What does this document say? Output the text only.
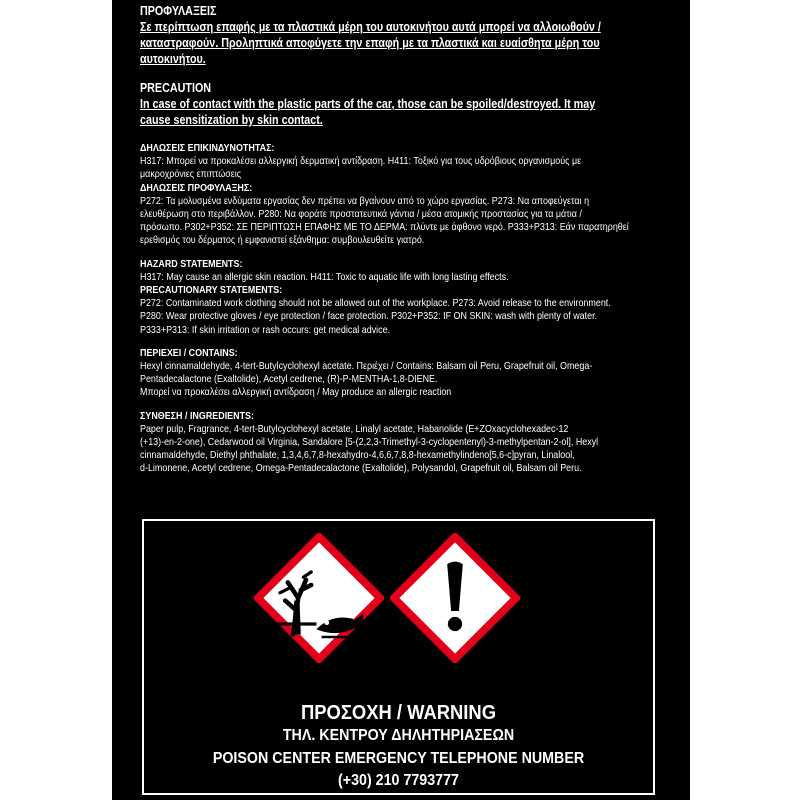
ΠΡΟΦΥΛΑΞΕΙΣ

Σε περίπτωση επαφής με τα πλαστικά μέρη του αυτοκινήτου αυτά μπορεί να αλλοιωθούν /

καταστραφούν. Προληπτικά αποφύγετε την επαφή με τα πλαστικά και ευαίσθητα μέρη του

αυτοκινήτου.

PRECAUTION

In case of contact with the plastic parts of the car, those can be spoiled/destroyed. It may

cause sensitization by skin contact.

ΔΗΛΩΣΕΙΣ ΕΠΙΚΙΝΔΥΝΟΤΗΤΑΣ:

H317: Μπορεί να προκαλέσει αλλεργική δερματική αντίδραση. H411: Τοξικό για τους υδρόβιους οργανισμούς με

μακροχρόνιες επιπτώσεις

ΔΗΛΩΣΕΙΣ ΠΡΟΦΥΛΑΞΗΣ:

P272: Τα μολυσμένα ενδύματα εργασίας δεν πρέπει να βγαίνουν από το χώρο εργασίας. P273: Να αποφεύγεται η

ελευθέρωση στο περιβάλλον. P280: Να φοράτε προστατευτικά γάντια / μέσα ατομικής προστασίας για τα μάτια /

πρόσωπο. P302+P352: ΣΕ ΠΕΡΙΠΤΩΣΗ ΕΠΑΦΗΣ ΜΕ ΤΟ ΔΕΡΜΑ: πλύντε με άφθονο νερό. P333+P313: Εάν παρατηρηθεί

ερεθισμός του δέρματος ή εμφανιστεί εξάνθημα: συμβουλευθείτε γιατρό.

HAZARD STATEMENTS:

H317: May cause an allergic skin reaction. H411: Toxic to aquatic life with long lasting effects.

PRECAUTIONARY STATEMENTS:

P272: Contaminated work clothing should not be allowed out of the workplace. P273: Avoid release to the environment.

P280: Wear protective gloves / eye protection / face protection. P302+P352: IF ON SKIN: wash with plenty of water.

P333+P313: If skin irritation or rash occurs: get medical advice.

ΠΕΡΙΕΧΕΙ / CONTAINS:

Hexyl cinnamaldehyde, 4-tert-Butylcyclohexyl acetate. Περιέχει / Contains: Balsam oil Peru, Grapefruit oil, Omega-

Pentadecalactone (Exaltolide), Acetyl cedrene, (R)-P-MENTHA-1,8-DIENE.

Μπορεί να προκαλέσει αλλεργική αντίδραση / May produce an allergic reaction

ΣΥΝΘΕΣΗ / INGREDIENTS:

Paper pulp, Fragrance, 4-tert-Butylcyclohexyl acetate, Linalyl acetate, Habanolide (E+ZOxacyclohexadec-12

(+13)-en-2-one), Cedarwood oil Virginia, Sandalore [5-(2,2,3-Trimethyl-3-cyclopentenyl)-3-methylpentan-2-ol], Hexyl

cinnamaldehyde, Diethyl phthalate, 1,3,4,6,7,8-hexahydro-4,6,6,7,8,8-hexamethylindeno[5,6-c]pyran, Linalool,

d-Limonene, Acetyl cedrene, Omega-Pentadecalactone (Exaltolide), Polysandol, Grapefruit oil, Balsam oil Peru.

ΠΡΟΣΟΧΗ / WARNING
ΤΗΛ. ΚΕΝΤΡΟΥ ΔΗΛΗΤΗΡΙΑΣΕΩΝ
POISON CENTER EMERGENCY TELEPHONE NUMBER
(+30) 210 7793777
